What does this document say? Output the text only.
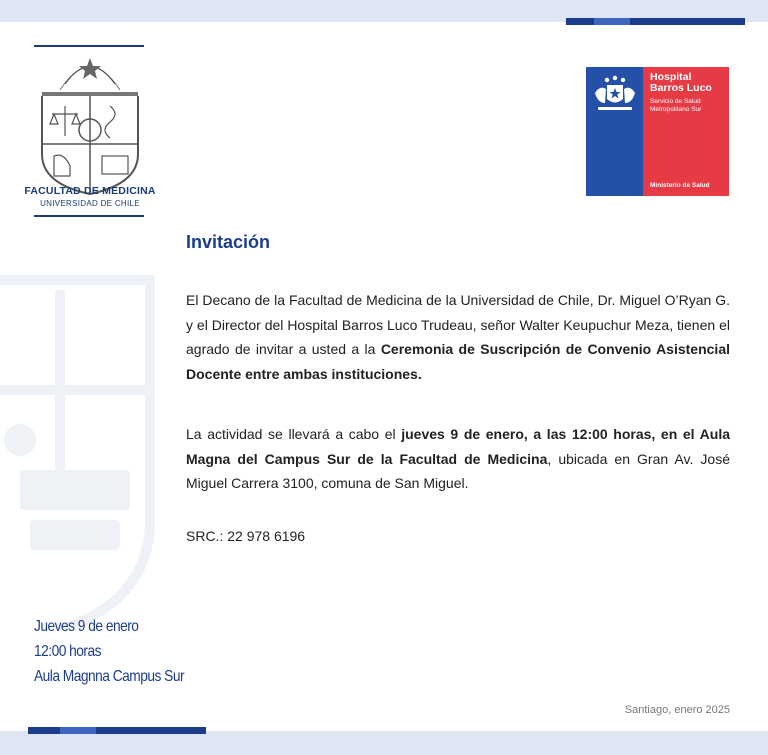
FACULTAD DE MEDICINA
UNIVERSIDAD DE CHILE
Hospital
Barros Luco
Servicio de Salud
Metropolitano Sur
Ministerio de Salud
Invitación
El Decano de la Facultad de Medicina de la Universidad de Chile, Dr. Miguel O’Ryan G. y el Director del Hospital Barros Luco Trudeau, señor Walter Keupuchur Meza, tienen el agrado de invitar a usted a la Ceremonia de Suscripción de Convenio Asistencial Docente entre ambas instituciones.
La actividad se llevará a cabo el jueves 9 de enero, a las 12:00 horas, en el Aula Magna del Campus Sur de la Facultad de Medicina, ubicada en Gran Av. José Miguel Carrera 3100, comuna de San Miguel.
SRC.: 22 978 6196
Jueves 9 de enero
12:00 horas
Aula Magnna Campus Sur
Santiago, enero 2025
